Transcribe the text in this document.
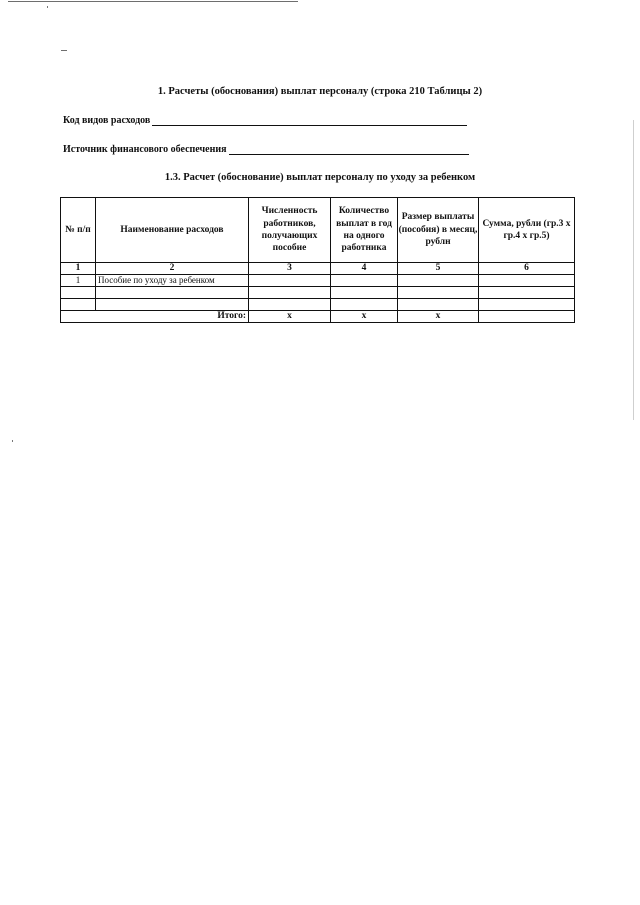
1. Расчеты (обоснования) выплат персоналу (строка 210 Таблицы 2)
Код видов расходов
Источник финансового обеспечения
1.3. Расчет (обоснование) выплат персоналу по уходу за ребенком
№ п/п	Наименование расходов	Численность работников, получающих пособие	Количество выплат в год на одного работника	Размер выплаты (пособия) в месяц, рублн	Сумма, рубли (гр.3 х гр.4 х гр.5)
1	2	3	4	5	6
1	Пособие по уходу за ребенком				

Итого:		х	х	х	
